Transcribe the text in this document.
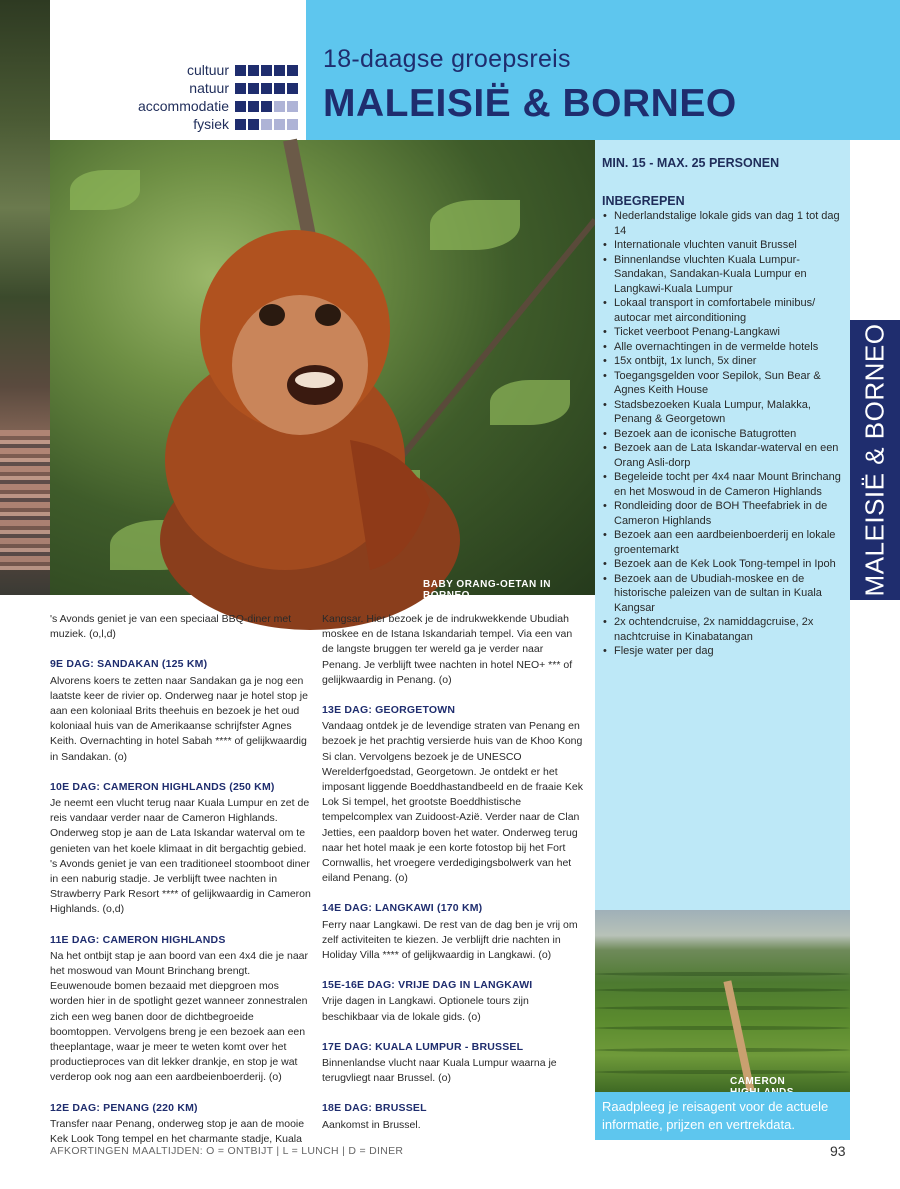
cultuur
natuur
accommodatie
fysiek
18-daagse groepsreis
MALEISIË & BORNEO
BABY ORANG-OETAN IN BORNEO
MIN. 15 - MAX. 25 PERSONEN
INBEGREPEN
• Nederlandstalige lokale gids van dag 1 tot dag 14
• Internationale vluchten vanuit Brussel
• Binnenlandse vluchten Kuala Lumpur-Sandakan, Sandakan-Kuala Lumpur en Langkawi-Kuala Lumpur
• Lokaal transport in comfortabele minibus/ autocar met airconditioning
• Ticket veerboot Penang-Langkawi
• Alle overnachtingen in de vermelde hotels
• 15x ontbijt, 1x lunch, 5x diner
• Toegangsgelden voor Sepilok, Sun Bear & Agnes Keith House
• Stadsbezoeken Kuala Lumpur, Malakka, Penang & Georgetown
• Bezoek aan de iconische Batugrotten
• Bezoek aan de Lata Iskandar-waterval en een Orang Asli-dorp
• Begeleide tocht per 4x4 naar Mount Brinchang en het Moswoud in de Cameron Highlands
• Rondleiding door de BOH Theefabriek in de Cameron Highlands
• Bezoek aan een aardbeienboerderij en lokale groentemarkt
• Bezoek aan de Kek Look Tong-tempel in Ipoh
• Bezoek aan de Ubudiah-moskee en de historische paleizen van de sultan in Kuala Kangsar
• 2x ochtendcruise, 2x namiddagcruise, 2x nachtcruise in Kinabatangan
• Flesje water per dag
MALEISIË & BORNEO
CAMERON

Raadpleeg je reisagent voor de actuele informatie, prijzen en vertrekdata.

's Avonds geniet je van een speciaal BBQ-diner met muziek. (o,l,d)

9E DAG: SANDAKAN (125 KM)

Alvorens koers te zetten naar Sandakan ga je nog een laatste keer de rivier op. Onderweg naar je hotel stop je aan een koloniaal Brits theehuis en bezoek je het oud koloniaal huis van de Amerikaanse schrijfster Agnes Keith. Overnachting in hotel Sabah **** of gelijkwaardig in Sandakan. (o)

10E DAG: CAMERON HIGHLANDS (250 KM)

Je neemt een vlucht terug naar Kuala Lumpur en zet de reis vandaar verder naar de Cameron Highlands. Onderweg stop je aan de Lata Iskandar waterval om te genieten van het koele klimaat in dit bergachtig gebied. 's Avonds geniet je van een traditioneel stoomboot diner in een naburig stadje. Je verblijft twee nachten in Strawberry Park Resort **** of gelijkwaardig in Cameron Highlands. (o,d)

11E DAG: CAMERON HIGHLANDS

Na het ontbijt stap je aan boord van een 4x4 die je naar het moswoud van Mount Brinchang brengt. Eeuwenoude bomen bezaaid met diepgroen mos worden hier in de spotlight gezet wanneer zonnestralen zich een weg banen door de dichtbegroeide boomtoppen. Vervolgens breng je een bezoek aan een theeplantage, waar je meer te weten komt over het productieproces van dit lekker drankje, en stop je wat verderop ook nog aan een aardbeienboerderij. (o)

12E DAG: PENANG (220 KM)

Transfer naar Penang, onderweg stop je aan de mooie Kek Look Tong tempel en het charmante stadje, Kuala

Kangsar. Hier bezoek je de indrukwekkende Ubudiah moskee en de Istana Iskandariah tempel. Via een van de langste bruggen ter wereld ga je verder naar Penang. Je verblijft twee nachten in hotel NEO+ *** of gelijkwaardig in Penang. (o)

13E DAG: GEORGETOWN

Vandaag ontdek je de levendige straten van Penang en bezoek je het prachtig versierde huis van de Khoo Kong Si clan. Vervolgens bezoek je de UNESCO Werelderfgoedstad, Georgetown. Je ontdekt er het imposant liggende Boeddhastandbeeld en de fraaie Kek Lok Si tempel, het grootste Boeddhistische tempelcomplex van Zuidoost-Azië. Verder naar de Clan Jetties, een paaldorp boven het water. Onderweg terug naar het hotel maak je een korte fotostop bij het Fort Cornwallis, het vroegere verdedigingsbolwerk van het eiland Penang. (o)

14E DAG: LANGKAWI (170 KM)

Ferry naar Langkawi. De rest van de dag ben je vrij om zelf activiteiten te kiezen. Je verblijft drie nachten in Holiday Villa **** of gelijkwaardig in Langkawi. (o)

15E-16E DAG: VRIJE DAG IN LANGKAWI

Vrije dagen in Langkawi. Optionele tours zijn beschikbaar via de lokale gids. (o)

17E DAG: KUALA LUMPUR - BRUSSEL

Binnenlandse vlucht naar Kuala Lumpur waarna je terugvliegt naar Brussel. (o)

18E DAG: BRUSSEL

Aankomst in Brussel.

AFKORTINGEN MAALTIJDEN: O = ONTBIJT | L = LUNCH | D = DINER	93
